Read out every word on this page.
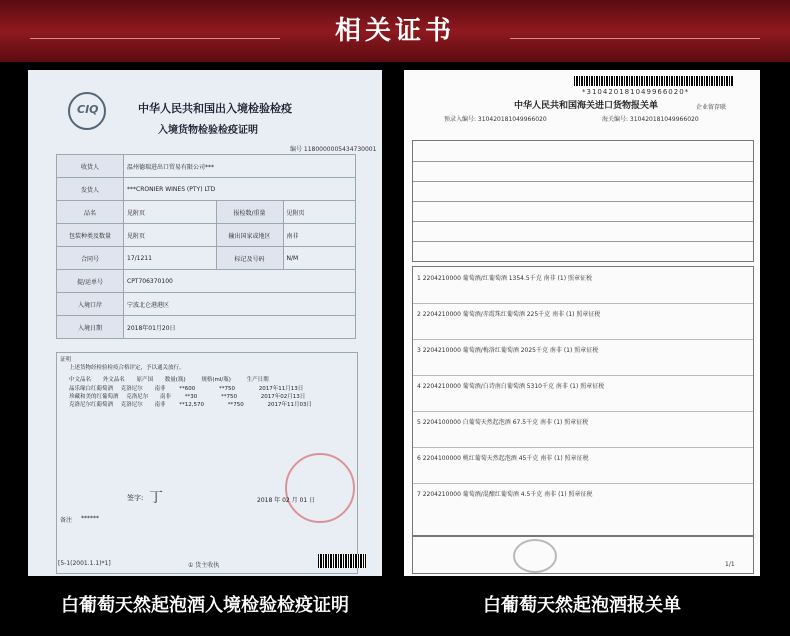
相关证书
CIQ	中华人民共和国出入境检验检疫
入境货物检验检疫证明
编号 1180000005434730001
收货人	温州德瑞进出口贸易有限公司***		
发货人	***CRONIER WINES (PTY) LTD		
品名	见附页	报检数/重量	见附页
包装种类及数量	见附页	输出国家或地区	南非
合同号	17/1211	标记及号码	N/M
提/运单号	CPT706370100		
入境口岸	宁波北仑港港区		
入境日期	2018年01月20日		
证明
上述货物经检验检疫合格评定，予以通关放行。
中文品名 外文品名 原产国 数量(瓶)	规格(ml/瓶)	生产日期
晶乐缘白红葡萄酒 克洛尼尔 南非	**600	**750	2017年11月13日
珍藏和美的红葡萄酒 克洛尼尔 南非	**30	**750	2017年02月13日
克洛尼尔红葡萄酒 克洛尼尔 南非	**12,570	**750	2017年11月03日
签字: 丁	2018 年 02 月 01 日
备注 ******
[5-1(2001.1.1)*1]	① 货主收执
*310420181049966020*
中华人民共和国海关进口货物报关单
预录入编号: 310420181049966020	海关编号: 310420181049966020
企业留存联
1 2204210000 葡萄酒/红葡萄酒 1354.5千克 南非 (1) 照章征税
2 2204210000 葡萄酒/赤霞珠红葡萄酒 225千克 南非 (1) 照章征税
3 2204210000 葡萄酒/梅洛红葡萄酒 2025千克 南非 (1) 照章征税
4 2204210000 葡萄酒/白诗南白葡萄酒 5310千克 南非 (1) 照章征税
5 2204100000 白葡萄天然起泡酒 67.5千克 南非 (1) 照章征税
6 2204100000 桃红葡萄天然起泡酒 45千克 南非 (1) 照章征税
7 2204210000 葡萄酒/混酿红葡萄酒 4.5千克 南非 (1) 照章征税
1/1
白葡萄天然起泡酒入境检验检疫证明	白葡萄天然起泡酒报关单
